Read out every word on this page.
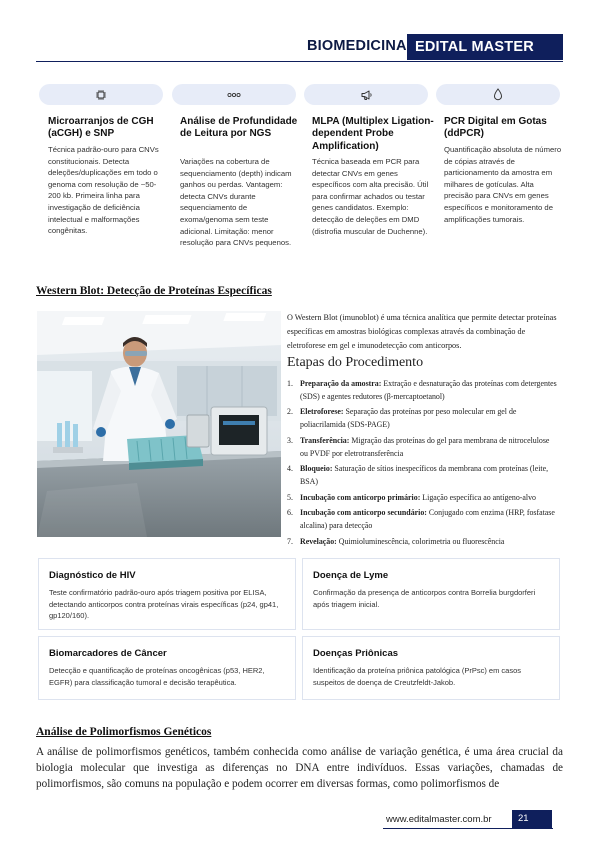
BIOMEDICINA EDITAL MASTER
Microarranjos de CGH (aCGH) e SNP
Técnica padrão-ouro para CNVs constitucionais. Detecta deleções/duplicações em todo o genoma com resolução de ~50-200 kb. Primeira linha para investigação de deficiência intelectual e malformações congênitas.
Análise de Profundidade de Leitura por NGS
Variações na cobertura de sequenciamento (depth) indicam ganhos ou perdas. Vantagem: detecta CNVs durante sequenciamento de exoma/genoma sem teste adicional. Limitação: menor resolução para CNVs pequenos.
MLPA (Multiplex Ligation-dependent Probe Amplification)
Técnica baseada em PCR para detectar CNVs em genes específicos com alta precisão. Útil para confirmar achados ou testar genes candidatos. Exemplo: detecção de deleções em DMD (distrofia muscular de Duchenne).
PCR Digital em Gotas (ddPCR)
Quantificação absoluta de número de cópias através de particionamento da amostra em milhares de gotículas. Alta precisão para CNVs em genes específicos e monitoramento de amplificações tumorais.
Western Blot: Detecção de Proteínas Específicas
O Western Blot (imunoblot) é uma técnica analítica que permite detectar proteínas específicas em amostras biológicas complexas através da combinação de eletroforese em gel e imunodetecção com anticorpos.
Etapas do Procedimento
1. Preparação da amostra: Extração e desnaturação das proteínas com detergentes (SDS) e agentes redutores (β-mercaptoetanol)
2. Eletroforese: Separação das proteínas por peso molecular em gel de poliacrilamida (SDS-PAGE)
3. Transferência: Migração das proteínas do gel para membrana de nitrocelulose ou PVDF por eletrotransferência
4. Bloqueio: Saturação de sítios inespecíficos da membrana com proteínas (leite, BSA)
5. Incubação com anticorpo primário: Ligação específica ao antígeno-alvo
6. Incubação com anticorpo secundário: Conjugado com enzima (HRP, fosfatase alcalina) para detecção
7. Revelação: Quimioluminescência, colorimetria ou fluorescência
Diagnóstico de HIV
Teste confirmatório padrão-ouro após triagem positiva por ELISA, detectando anticorpos contra proteínas virais específicas (p24, gp41, gp120/160).
Doença de Lyme
Confirmação da presença de anticorpos contra Borrelia burgdorferi após triagem inicial.
Biomarcadores de Câncer
Detecção e quantificação de proteínas oncogênicas (p53, HER2, EGFR) para classificação tumoral e decisão terapêutica.
Doenças Priônicas
Identificação da proteína priônica patológica (PrPsc) em casos suspeitos de doença de Creutzfeldt-Jakob.
Análise de Polimorfismos Genéticos
A análise de polimorfismos genéticos, também conhecida como análise de variação genética, é uma área crucial da biologia molecular que investiga as diferenças no DNA entre indivíduos. Essas variações, chamadas de polimorfismos, são comuns na população e podem ocorrer em diversas formas, como polimorfismos de
www.editalmaster.com.br	21
